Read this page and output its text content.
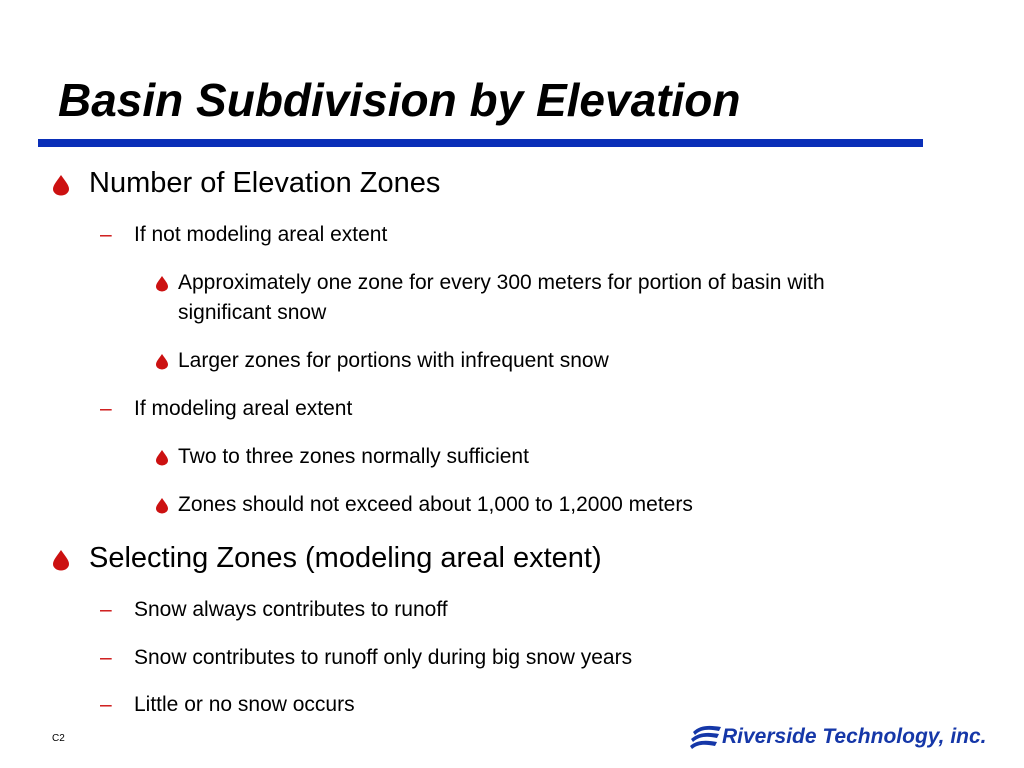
Basin Subdivision by Elevation
Number of Elevation Zones
– If not modeling areal extent
Approximately one zone for every 300 meters for portion of basin with
significant snow
Larger zones for portions with infrequent snow
– If modeling areal extent
Two to three zones normally sufficient
Zones should not exceed about 1,000 to 1,2000 meters
Selecting Zones (modeling areal extent)
– Snow always contributes to runoff
– Snow contributes to runoff only during big snow years
– Little or no snow occurs
C2	Riverside Technology, inc.
